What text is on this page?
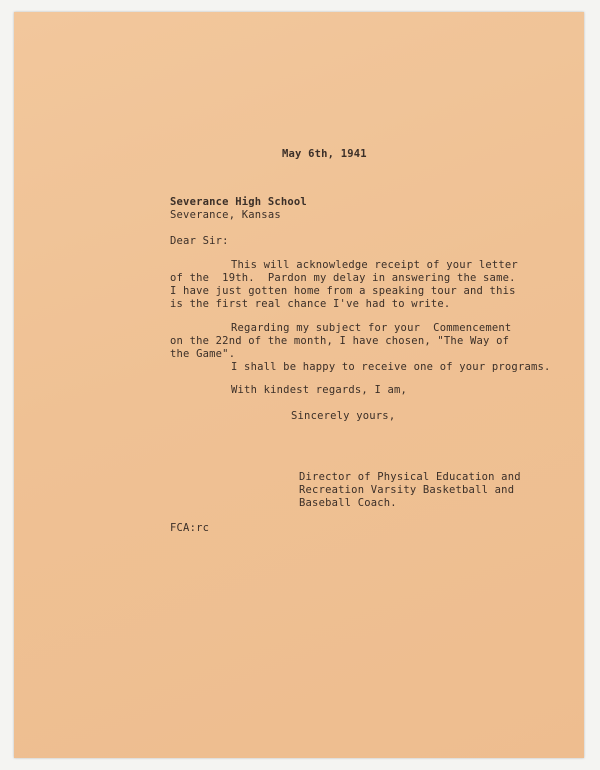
May 6th, 1941
Severance High School
Severance, Kansas
Dear Sir:
This will acknowledge receipt of your letter
of the  19th.  Pardon my delay in answering the same.
I have just gotten home from a speaking tour and this
is the first real chance I've had to write.
Regarding my subject for your  Commencement
on the 22nd of the month, I have chosen, "The Way of
the Game".
I shall be happy to receive one of your programs.
With kindest regards, I am,
Sincerely yours,
Director of Physical Education and
Recreation Varsity Basketball and
Baseball Coach.
FCA:rc
